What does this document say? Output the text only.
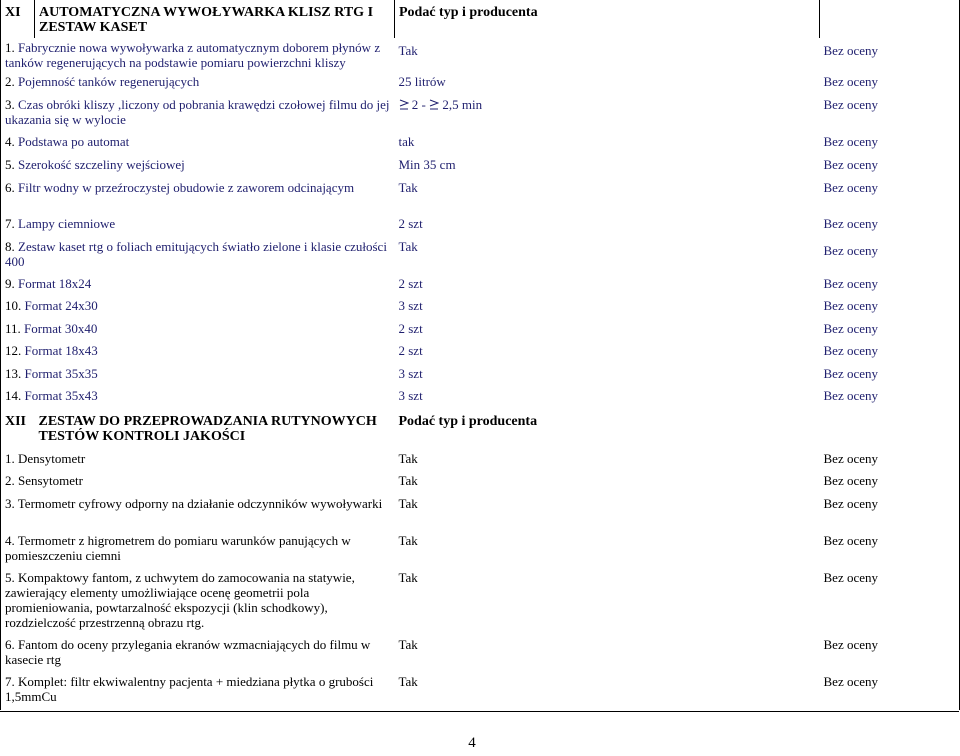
XI	AUTOMATYCZNA WYWOŁYWARKA KLISZ RTG I ZESTAW KASET	Podać typ i producenta	
1. Fabrycznie nowa wywoływarka z automatycznym doborem płynów z tanków regenerujących na podstawie pomiaru powierzchni kliszy		Tak	Bez oceny
2. Pojemność tanków regenerujących		25 litrów	Bez oceny
3. Czas obróki kliszy ,liczony od pobrania krawędzi czołowej filmu do jej ukazania się w wylocie		2 - 2,5 min	Bez oceny
4. Podstawa po automat		tak	Bez oceny
5. Szerokość szczeliny wejściowej		Min 35 cm	Bez oceny
6. Filtr wodny w przeźroczystej obudowie z zaworem odcinającym		Tak	Bez oceny
7. Lampy ciemniowe		2 szt	Bez oceny
8. Zestaw kaset rtg o foliach emitujących światło zielone i klasie czułości 400		Tak	Bez oceny
9. Format 18x24		2 szt	Bez oceny
10. Format 24x30		3 szt	Bez oceny
11. Format 30x40		2 szt	Bez oceny
12. Format 18x43		2 szt	Bez oceny
13. Format 35x35		3 szt	Bez oceny
14. Format 35x43		3 szt	Bez oceny
XII	ZESTAW DO PRZEPROWADZANIA RUTYNOWYCH TESTÓW KONTROLI JAKOŚCI	Podać typ i producenta	
1. Densytometr		Tak	Bez oceny
2. Sensytometr		Tak	Bez oceny
3. Termometr cyfrowy odporny na działanie odczynników wywoływarki		Tak	Bez oceny
4. Termometr z higrometrem do pomiaru warunków panujących w pomieszczeniu ciemni		Tak	Bez oceny
5. Kompaktowy fantom, z uchwytem do zamocowania na statywie, zawierający elementy umożliwiające ocenę geometrii pola promieniowania, powtarzalność ekspozycji (klin schodkowy), rozdzielczość przestrzenną obrazu rtg.		Tak	Bez oceny
6. Fantom do oceny przylegania ekranów wzmacniających do filmu w kasecie rtg		Tak	Bez oceny
7. Komplet: filtr ekwiwalentny pacjenta + miedziana płytka o grubości 1,5mmCu		Tak	Bez oceny
4
